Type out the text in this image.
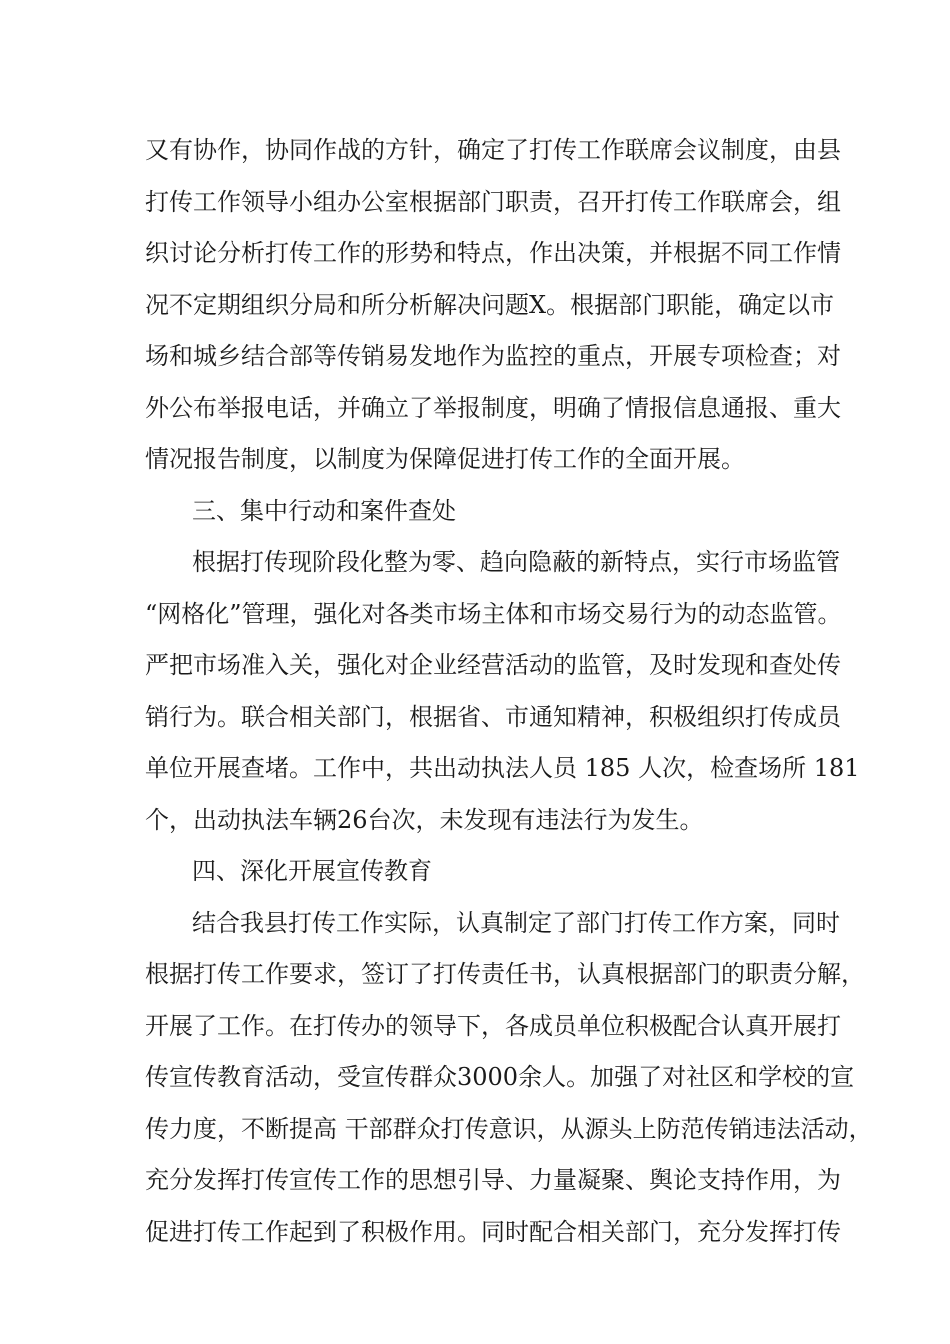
又有协作，协同作战的方针，确定了打传工作联席会议制度，由县
打传工作领导小组办公室根据部门职责，召开打传工作联席会，组
织讨论分析打传工作的形势和特点，作出决策，并根据不同工作情
况不定期组织分局和所分析解决问题X。根据部门职能，确定以市
场和城乡结合部等传销易发地作为监控的重点，开展专项检查；对
外公布举报电话，并确立了举报制度，明确了情报信息通报、重大
情况报告制度，以制度为保障促进打传工作的全面开展。
三、集中行动和案件查处
根据打传现阶段化整为零、趋向隐蔽的新特点，实行市场监管
“网格化”管理，强化对各类市场主体和市场交易行为的动态监管。
严把市场准入关，强化对企业经营活动的监管，及时发现和查处传
销行为。联合相关部门，根据省、市通知精神，积极组织打传成员
单位开展查堵。工作中，共出动执法人员 185 人次，检查场所 181
个，出动执法车辆26台次，未发现有违法行为发生。
四、深化开展宣传教育
结合我县打传工作实际，认真制定了部门打传工作方案，同时
根据打传工作要求，签订了打传责任书，认真根据部门的职责分解，
开展了工作。在打传办的领导下，各成员单位积极配合认真开展打
传宣传教育活动，受宣传群众3000余人。加强了对社区和学校的宣
传力度，不断提高 干部群众打传意识，从源头上防范传销违法活动，
充分发挥打传宣传工作的思想引导、力量凝聚、舆论支持作用，为
促进打传工作起到了积极作用。同时配合相关部门，充分发挥打传
